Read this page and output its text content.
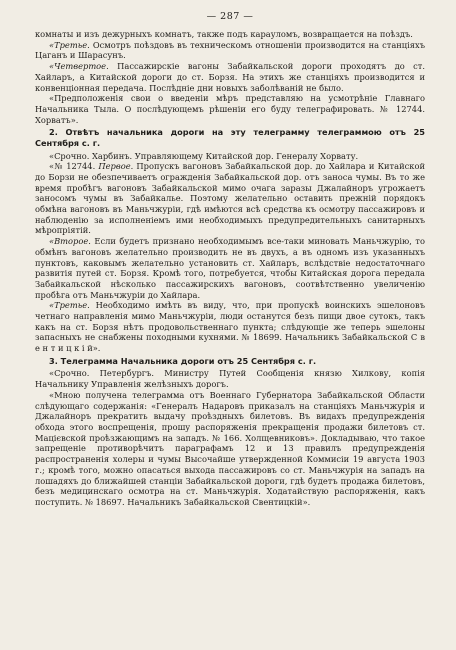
— 287 —

комнаты и изъ дежурныхъ комнатъ, также подъ карауломъ, возвращается на поѣздъ.

«Третье. Осмотръ поѣздовъ въ техническомъ отношеніи производится на станціяхъ Цаганъ и Шарасунъ.

«Четвертое. Пассажирскіе вагоны Забайкальской дороги проходятъ до ст. Хайларъ, а Китайской дороги до ст. Борзя. На этихъ же станціяхъ производится и конвенціонная передача. Послѣдніе дни новыхъ заболѣваній не было.

«Предположенія свои о введеніи мѣръ представляю на усмотрѣніе Главнаго Начальника Тыла. О послѣдующемъ рѣшеніи его буду телеграфировать. № 12744. Хорватъ».

2. Отвѣтъ начальника дороги на эту телеграмму телеграммою отъ 25 Сентября с. г.

«Срочно. Харбинъ. Управляющему Китайской дор. Генералу Хорвату.

«№ 12744. Первое. Пропускъ вагоновъ Забайкальской дор. до Хайлара и Китайской до Борзи не обезпечиваетъ огражденія Забайкальской дор. отъ заноса чумы. Въ то же время пробѣгъ вагоновъ Забайкальской мимо очага заразы Джалайноръ угрожаетъ заносомъ чумы въ Забайкалье. Поэтому желательно оставить прежній порядокъ обмѣна вагоновъ въ Маньчжуріи, гдѣ имѣются всѣ средства къ осмотру пассажировъ и наблюденію за исполненіемъ ими необходимыхъ предупредительныхъ санитарныхъ мѣропріятій.

«Второе. Если будетъ признано необходимымъ все-таки миновать Маньчжурію, то обмѣнъ вагоновъ желательно производить не въ двухъ, а въ одномъ изъ указанныхъ пунктовъ, каковымъ желательно установить ст. Хайларъ, вслѣдствіе недостаточнаго развитія путей ст. Борзя. Кромѣ того, потребуется, чтобы Китайская дорога передала Забайкальской нѣсколько пассажирскихъ вагоновъ, соотвѣтственно увеличенію пробѣга отъ Маньчжуріи до Хайлара.

«Третье. Необходимо имѣть въ виду, что, при пропускѣ воинскихъ эшелоновъ четнаго направленія мимо Маньчжуріи, люди останутся безъ пищи двое сутокъ, такъ какъ на ст. Борзя нѣтъ продовольственнаго пункта; слѣдующіе же теперь эшелоны запасныхъ не снабжены походными кухнями. № 18699. Начальникъ Забайкальской С в е н т и ц к і й».

3. Телеграмма Начальника дороги отъ 25 Сентября с. г.

«Срочно. Петербургъ. Министру Путей Сообщенія князю Хилкову, копія Начальнику Управленія желѣзныхъ дорогъ.

«Мною получена телеграмма отъ Военнаго Губернатора Забайкальской Области слѣдующаго содержанія: «Генералъ Надаровъ приказалъ на станціяхъ Маньчжурія и Джалайноръ прекратить выдачу проѣздныхъ билетовъ. Въ видахъ предупрежденія обхода этого воспрещенія, прошу распоряженія прекращенія продажи билетовъ ст. Мацієвской проѣзжающимъ на западъ. № 166. Холщевниковъ». Докладываю, что такое запрещеніе противорѣчитъ параграфамъ 12 и 13 правилъ предупрежденія распространенія холеры и чумы Высочайше утвержденной Коммисіи 19 августа 1903 г.; кромѣ того, можно опасаться выхода пассажировъ со ст. Маньчжурія на западъ на лошадяхъ до ближайшей станціи Забайкальской дороги, гдѣ будетъ продажа билетовъ, безъ медицинскаго осмотра на ст. Маньчжурія. Ходатайствую распоряженія, какъ поступить. № 18697. Начальникъ Забайкальской Свентицкій».
